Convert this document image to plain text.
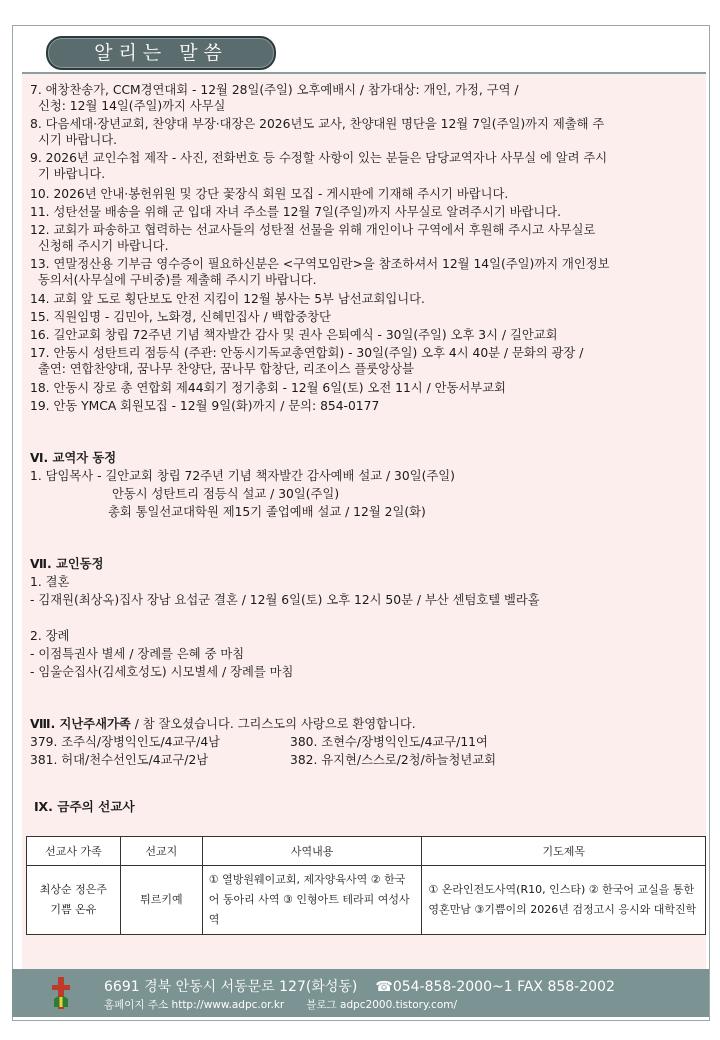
알리는 말씀
7. 애창찬송가, CCM경연대회 - 12월 28일(주일) 오후예배시 / 참가대상: 개인, 가정, 구역 /
신청: 12월 14일(주일)까지 사무실
8. 다음세대·장년교회, 찬양대 부장·대장은 2026년도 교사, 찬양대원 명단을 12월 7일(주일)까지 제출해 주
시기 바랍니다.
9. 2026년 교인수첩 제작 - 사진, 전화번호 등 수정할 사항이 있는 분들은 담당교역자나 사무실 에 알려 주시
기 바랍니다.
10. 2026년 안내·봉헌위원 및 강단 꽃장식 회원 모집 - 게시판에 기재해 주시기 바랍니다.
11. 성탄선물 배송을 위해 군 입대 자녀 주소를 12월 7일(주일)까지 사무실로 알려주시기 바랍니다.
12. 교회가 파송하고 협력하는 선교사들의 성탄절 선물을 위해 개인이나 구역에서 후원해 주시고 사무실로
신청해 주시기 바랍니다.
13. 연말정산용 기부금 영수증이 필요하신분은 <구역모임란>을 참조하셔서 12월 14일(주일)까지 개인정보
동의서(사무실에 구비중)를 제출해 주시기 바랍니다.
14. 교회 앞 도로 횡단보도 안전 지킴이 12월 봉사는 5부 남선교회입니다.
15. 직원임명 - 김민아, 노화경, 신혜민집사 / 백합중창단
16. 길안교회 창립 72주년 기념 책자발간 감사 및 권사 은퇴예식 - 30일(주일) 오후 3시 / 길안교회
17. 안동시 성탄트리 점등식 (주관: 안동시기독교총연합회) - 30일(주일) 오후 4시 40분 / 문화의 광장 /
출연: 연합찬양대, 꿈나무 찬양단, 꿈나무 합창단, 리조이스 플룻앙상블
18. 안동시 장로 총 연합회 제44회기 정기총회 - 12월 6일(토) 오전 11시 / 안동서부교회
19. 안동 YMCA 회원모집 - 12월 9일(화)까지 / 문의: 854-0177
Ⅵ. 교역자 동정
1. 담임목사 - 길안교회 창립 72주년 기념 책자발간 감사예배 설교 / 30일(주일)
안동시 성탄트리 점등식 설교 / 30일(주일)
총회 통일선교대학원 제15기 졸업예배 설교 / 12월 2일(화)
Ⅶ. 교인동정
1. 결혼
- 김재원(최상옥)집사 장남 요섭군 결혼 / 12월 6일(토) 오후 12시 50분 / 부산 센텀호텔 벨라홀
2. 장례
- 이점특권사 별세 / 장례를 은혜 중 마침
- 임울순집사(김세호성도) 시모별세 / 장례를 마침
Ⅷ. 지난주새가족 / 참 잘오셨습니다. 그리스도의 사랑으로 환영합니다.
379. 조주식/장병익인도/4교구/4남	380. 조현수/장병익인도/4교구/11여
381. 허대/천수선인도/4교구/2남	382. 유지현/스스로/2청/하늘청년교회
Ⅸ. 금주의 선교사
선교사 가족	선교지	사역내용	기도제목

최상순 정은주
기쁨 온유	튀르키예	① 열방원웨이교회, 제자양육사역 ② 한국어 동아리 사역 ③ 인형아트 테라피 여성사역	① 온라인전도사역(R10, 인스타) ② 한국어 교실을 통한 영혼만남 ③기쁨이의 2026년 검정고시 응시와 대학진학
6691 경북 안동시 서동문로 127(화성동) ☎054-858-2000~1 FAX 858-2002
홈페이지 주소 http://www.adpc.or.kr 블로그 adpc2000.tistory.com/
